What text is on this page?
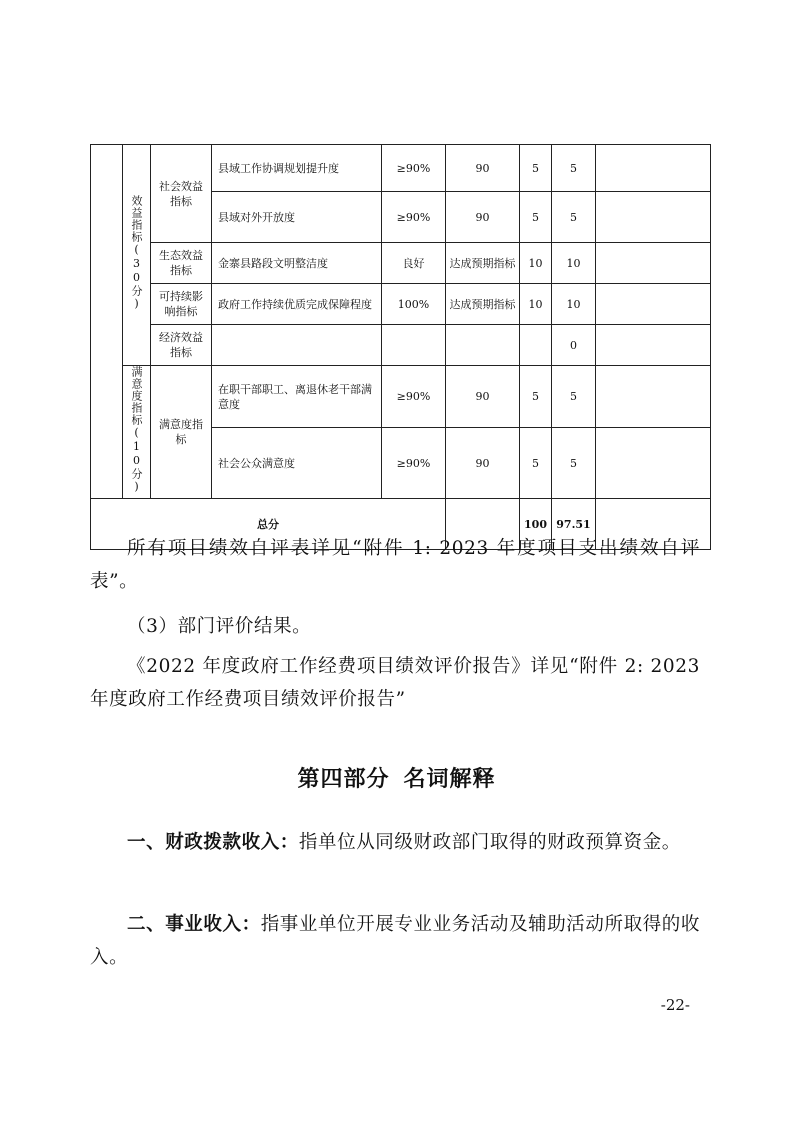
	效益指标(30分)	社会效益指标	县域工作协调规划提升度	≥90%	90	5	5	
			县域对外开放度	≥90%	90	5	5	
		生态效益指标	金寨县路段文明整洁度	良好	达成预期指标	10	10	
		可持续影响指标	政府工作持续优质完成保障程度	100%	达成预期指标	10	10	
		经济效益指标					0	
	满意度指标(10分)	满意度指标	在职干部职工、离退休老干部满意度	≥90%	90	5	5	
			社会公众满意度	≥90%	90	5	5	
总分						100	97.51	

所有项目绩效自评表详见“附件 1: 2023 年度项目支出绩效自评表”。

（3）部门评价结果。

《2022 年度政府工作经费项目绩效评价报告》详见“附件 2: 2023 年度政府工作经费项目绩效评价报告”

第四部分 名词解释

一、财政拨款收入：指单位从同级财政部门取得的财政预算资金。

二、事业收入：指事业单位开展专业业务活动及辅助活动所取得的收入。

-22-
